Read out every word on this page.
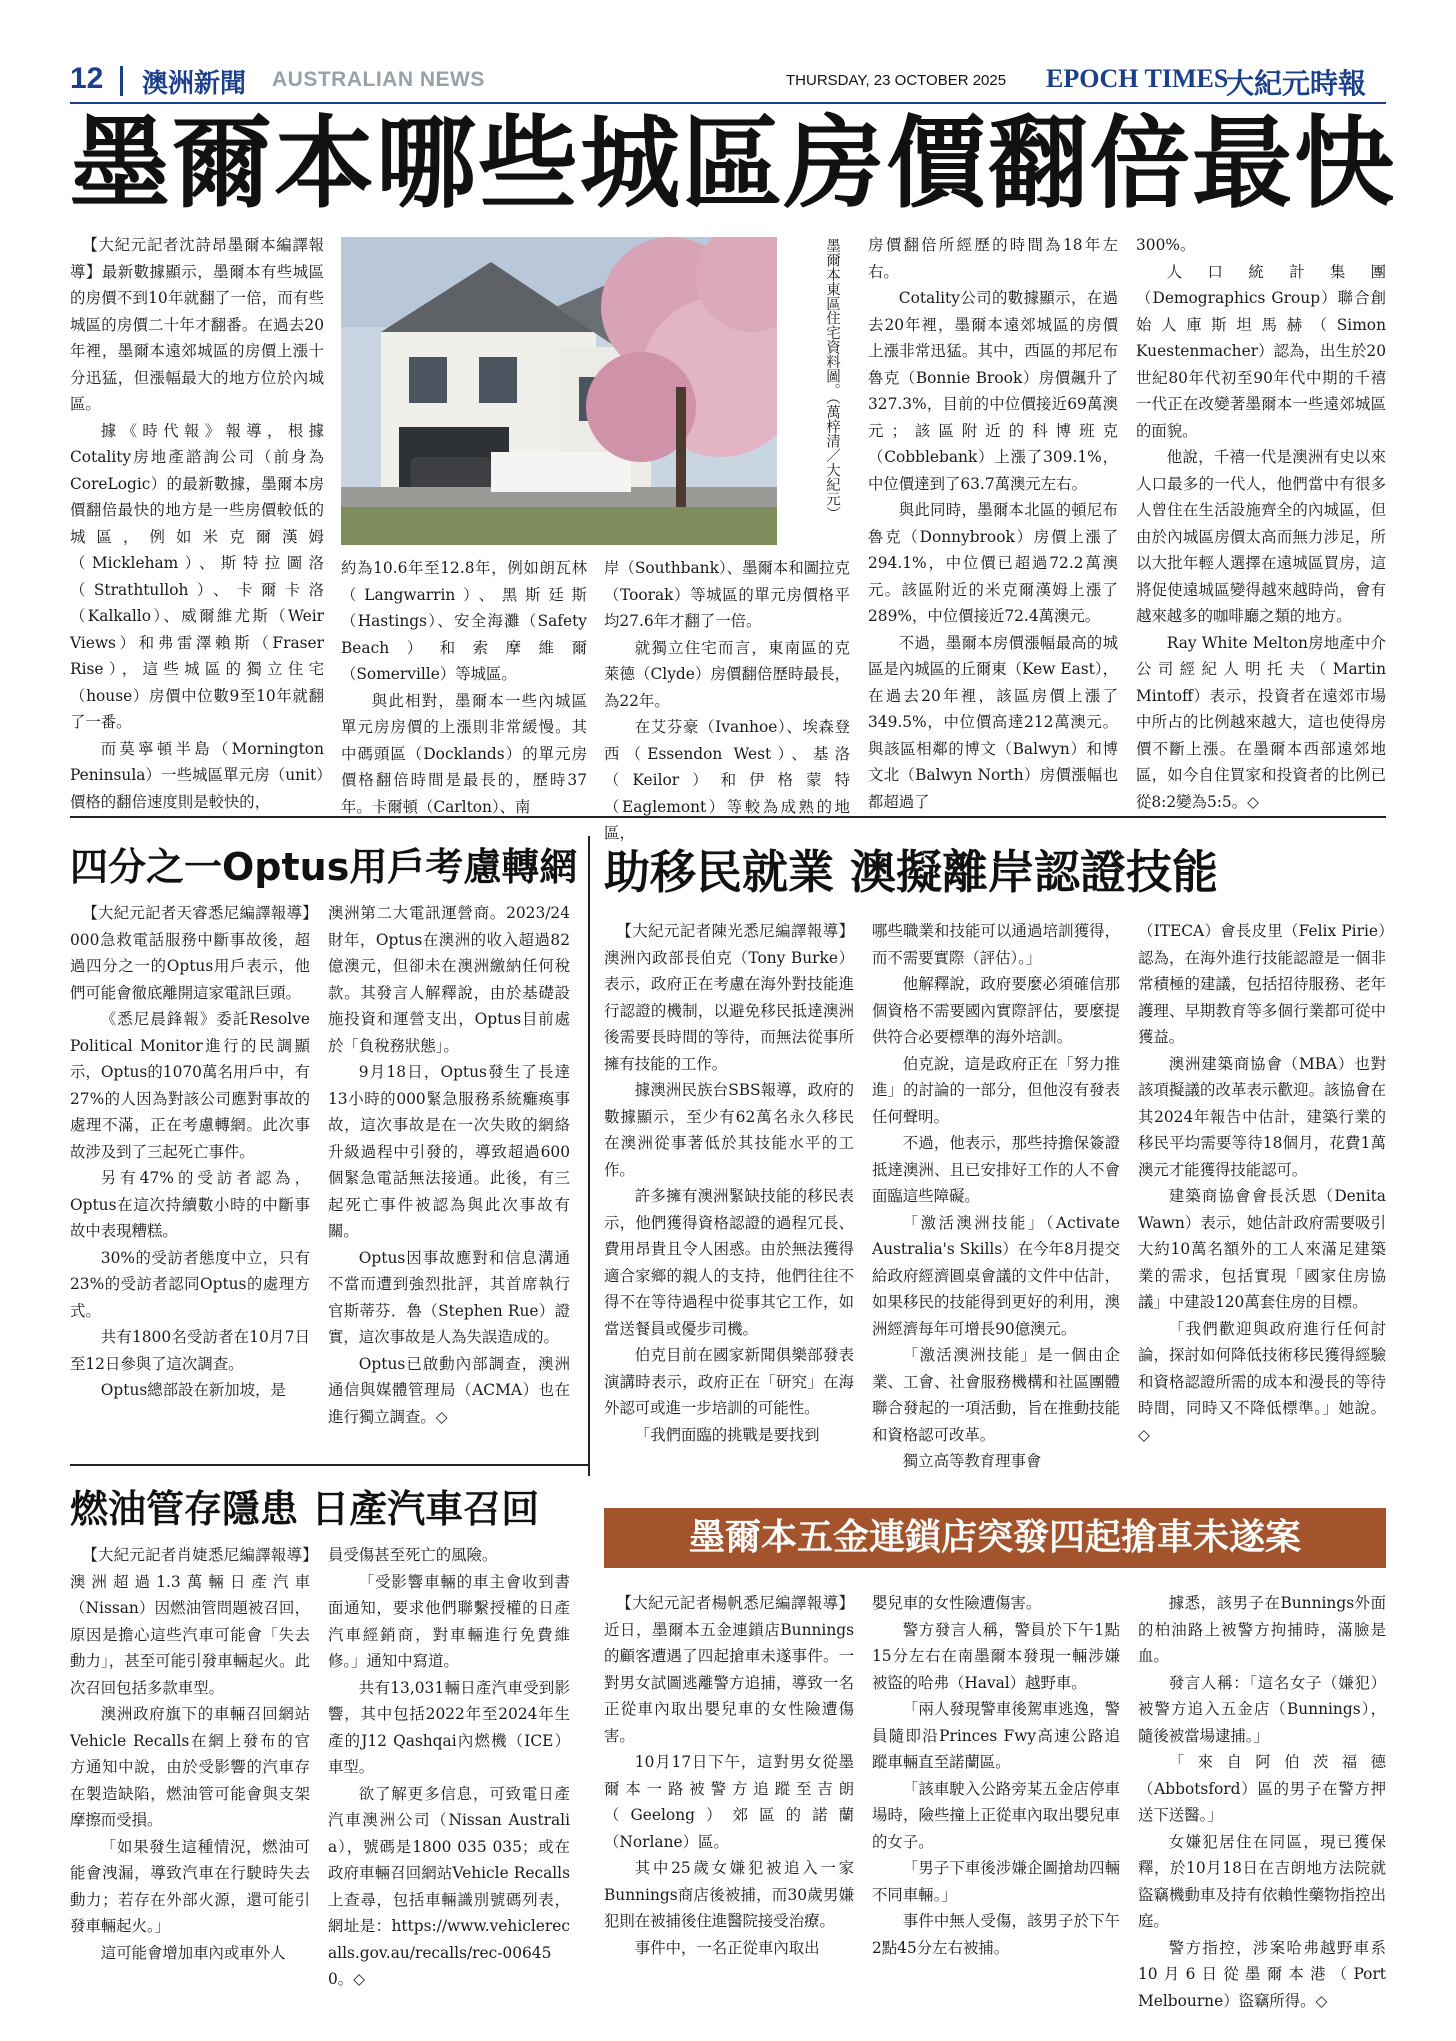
12 澳洲新聞 AUSTRALIAN NEWS	THURSDAY, 23 OCTOBER 2025 EPOCH TIMES
大紀元時報
墨爾本哪些城區房價翻倍最快

【大紀元記者沈詩昂墨爾本編譯報導】最新數據顯示，墨爾本有些城區的房價不到10年就翻了一倍，而有些城區的房價二十年才翻番。在過去20年裡，墨爾本遠郊城區的房價上漲十分迅猛，但漲幅最大的地方位於內城區。

據《時代報》報導，根據Cotality房地產諮詢公司（前身為CoreLogic）的最新數據，墨爾本房價翻倍最快的地方是一些房價較低的城區，例如米克爾漢姆（Mickleham）、斯特拉圖洛（Strathtulloh）、卡爾卡洛（Kalkallo）、威爾維尤斯（Weir Views）和弗雷澤賴斯（Fraser Rise），這些城區的獨立住宅（house）房價中位數9至10年就翻了一番。

而莫寧頓半島（Mornington Peninsula）一些城區單元房（unit）價格的翻倍速度則是較快的，

墨爾本東區住宅資料圖。（萬梓清／大紀元）

約為10.6年至12.8年，例如朗瓦林（Langwarrin）、黑斯廷斯（Hastings）、安全海灘（Safety Beach）和索摩維爾（Somerville）等城區。

與此相對，墨爾本一些內城區單元房房價的上漲則非常緩慢。其中碼頭區（Docklands）的單元房價格翻倍時間是最長的，歷時37年。卡爾頓（Carlton）、南

岸（Southbank）、墨爾本和圖拉克（Toorak）等城區的單元房價格平均27.6年才翻了一倍。

就獨立住宅而言，東南區的克萊德（Clyde）房價翻倍歷時最長，為22年。

在艾芬豪（Ivanhoe）、埃森登西（Essendon West）、基洛（Keilor）和伊格蒙特（Eaglemont）等較為成熟的地區，

房價翻倍所經歷的時間為18年左右。

Cotality公司的數據顯示，在過去20年裡，墨爾本遠郊城區的房價上漲非常迅猛。其中，西區的邦尼布魯克（Bonnie Brook）房價飆升了327.3%，目前的中位價接近69萬澳元；該區附近的科博班克（Cobblebank）上漲了309.1%，中位價達到了63.7萬澳元左右。

與此同時，墨爾本北區的頓尼布魯克（Donnybrook）房價上漲了294.1%，中位價已超過72.2萬澳元。該區附近的米克爾漢姆上漲了289%，中位價接近72.4萬澳元。

不過，墨爾本房價漲幅最高的城區是內城區的丘爾東（Kew East），在過去20年裡，該區房價上漲了349.5%，中位價高達212萬澳元。與該區相鄰的博文（Balwyn）和博文北（Balwyn North）房價漲幅也都超過了

300%。

人口統計集團（Demographics Group）聯合創始人庫斯坦馬赫（Simon Kuestenmacher）認為，出生於20世紀80年代初至90年代中期的千禧一代正在改變著墨爾本一些遠郊城區的面貌。

他說，千禧一代是澳洲有史以來人口最多的一代人，他們當中有很多人曾住在生活設施齊全的內城區，但由於內城區房價太高而無力涉足，所以大批年輕人選擇在遠城區買房，這將促使遠城區變得越來越時尚，會有越來越多的咖啡廳之類的地方。

Ray White Melton房地產中介公司經紀人明托夫（Martin Mintoff）表示，投資者在遠郊市場中所占的比例越來越大，這也使得房價不斷上漲。在墨爾本西部遠郊地區，如今自住買家和投資者的比例已從8:2變為5:5。◇

四分之一Optus用戶考慮轉網

【大紀元記者天睿悉尼編譯報導】000急救電話服務中斷事故後，超過四分之一的Optus用戶表示，他們可能會徹底離開這家電訊巨頭。

《悉尼晨鋒報》委託Resolve Political Monitor進行的民調顯示，Optus的1070萬名用戶中，有27%的人因為對該公司應對事故的處理不滿，正在考慮轉網。此次事故涉及到了三起死亡事件。

另有47%的受訪者認為，Optus在這次持續數小時的中斷事故中表現糟糕。

30%的受訪者態度中立，只有23%的受訪者認同Optus的處理方式。

共有1800名受訪者在10月7日至12日參與了這次調查。

Optus總部設在新加坡，是

澳洲第二大電訊運營商。2023/24財年，Optus在澳洲的收入超過82億澳元，但卻未在澳洲繳納任何稅款。其發言人解釋說，由於基礎設施投資和運營支出，Optus目前處於「負稅務狀態」。

9月18日，Optus發生了長達13小時的000緊急服務系統癱瘓事故，這次事故是在一次失敗的網絡升級過程中引發的，導致超過600個緊急電話無法接通。此後，有三起死亡事件被認為與此次事故有關。

Optus因事故應對和信息溝通不當而遭到強烈批評，其首席執行官斯蒂芬．魯（Stephen Rue）證實，這次事故是人為失誤造成的。

Optus已啟動內部調查，澳洲通信與媒體管理局（ACMA）也在進行獨立調查。◇

燃油管存隱患 日產汽車召回

【大紀元記者肖婕悉尼編譯報導】澳洲超過1.3萬輛日產汽車（Nissan）因燃油管問題被召回，原因是擔心這些汽車可能會「失去動力」，甚至可能引發車輛起火。此次召回包括多款車型。

澳洲政府旗下的車輛召回網站Vehicle Recalls在網上發布的官方通知中說，由於受影響的汽車存在製造缺陷，燃油管可能會與支架摩擦而受損。

「如果發生這種情況，燃油可能會洩漏，導致汽車在行駛時失去動力；若存在外部火源，還可能引發車輛起火。」

這可能會增加車內或車外人

員受傷甚至死亡的風險。

「受影響車輛的車主會收到書面通知，要求他們聯繫授權的日產汽車經銷商，對車輛進行免費維修。」通知中寫道。

共有13,031輛日產汽車受到影響，其中包括2022年至2024年生產的J12 Qashqai內燃機（ICE）車型。

欲了解更多信息，可致電日產汽車澳洲公司（Nissan Australia），號碼是1800 035 035；或在政府車輛召回網站Vehicle Recalls上查尋，包括車輛識別號碼列表，網址是：https://www.vehiclerecalls.gov.au/recalls/rec-006450。◇

助移民就業 澳擬離岸認證技能

【大紀元記者陳光悉尼編譯報導】澳洲內政部長伯克（Tony Burke）表示，政府正在考慮在海外對技能進行認證的機制，以避免移民抵達澳洲後需要長時間的等待，而無法從事所擁有技能的工作。

據澳洲民族台SBS報導，政府的數據顯示，至少有62萬名永久移民在澳洲從事著低於其技能水平的工作。

許多擁有澳洲緊缺技能的移民表示，他們獲得資格認證的過程冗長、費用昂貴且令人困惑。由於無法獲得適合家鄉的親人的支持，他們往往不得不在等待過程中從事其它工作，如當送餐員或優步司機。

伯克目前在國家新聞俱樂部發表演講時表示，政府正在「研究」在海外認可或進一步培訓的可能性。

「我們面臨的挑戰是要找到

哪些職業和技能可以通過培訓獲得，而不需要實際（評估）。」

他解釋說，政府要麼必須確信那個資格不需要國內實際評估，要麼提供符合必要標準的海外培訓。

伯克說，這是政府正在「努力推進」的討論的一部分，但他沒有發表任何聲明。

不過，他表示，那些持擔保簽證抵達澳洲、且已安排好工作的人不會面臨這些障礙。

「激活澳洲技能」（Activate Australia's Skills）在今年8月提交給政府經濟圓桌會議的文件中估計，如果移民的技能得到更好的利用，澳洲經濟每年可增長90億澳元。

「激活澳洲技能」是一個由企業、工會、社會服務機構和社區團體聯合發起的一項活動，旨在推動技能和資格認可改革。

獨立高等教育理事會

（ITECA）會長皮里（Felix Pirie）認為，在海外進行技能認證是一個非常積極的建議，包括招待服務、老年護理、早期教育等多個行業都可從中獲益。

澳洲建築商協會（MBA）也對該項擬議的改革表示歡迎。該協會在其2024年報告中估計，建築行業的移民平均需要等待18個月，花費1萬澳元才能獲得技能認可。

建築商協會會長沃恩（Denita Wawn）表示，她估計政府需要吸引大約10萬名額外的工人來滿足建築業的需求，包括實現「國家住房協議」中建設120萬套住房的目標。

「我們歡迎與政府進行任何討論，探討如何降低技術移民獲得經驗和資格認證所需的成本和漫長的等待時間，同時又不降低標準。」她說。◇

墨爾本五金連鎖店突發四起搶車未遂案

【大紀元記者楊帆悉尼編譯報導】近日，墨爾本五金連鎖店Bunnings的顧客遭遇了四起搶車未遂事件。一對男女試圖逃離警方追捕，導致一名正從車內取出嬰兒車的女性險遭傷害。

10月17日下午，這對男女從墨爾本一路被警方追蹤至吉朗（Geelong）郊區的諾蘭（Norlane）區。

其中25歲女嫌犯被追入一家Bunnings商店後被捕，而30歲男嫌犯則在被捕後住進醫院接受治療。

事件中，一名正從車內取出

嬰兒車的女性險遭傷害。

警方發言人稱，警員於下午1點15分左右在南墨爾本發現一輛涉嫌被盜的哈弗（Haval）越野車。

「兩人發現警車後駕車逃逸，警員隨即沿Princes Fwy高速公路追蹤車輛直至諾蘭區。

「該車駛入公路旁某五金店停車場時，險些撞上正從車內取出嬰兒車的女子。

「男子下車後涉嫌企圖搶劫四輛不同車輛。」

事件中無人受傷，該男子於下午2點45分左右被捕。

據悉，該男子在Bunnings外面的柏油路上被警方拘捕時，滿臉是血。

發言人稱：「這名女子（嫌犯）被警方追入五金店（Bunnings），隨後被當場逮捕。」

「來自阿伯茨福德（Abbotsford）區的男子在警方押送下送醫。」

女嫌犯居住在同區，現已獲保釋，於10月18日在吉朗地方法院就盜竊機動車及持有依賴性藥物指控出庭。

警方指控，涉案哈弗越野車系10月6日從墨爾本港（Port Melbourne）盜竊所得。◇
